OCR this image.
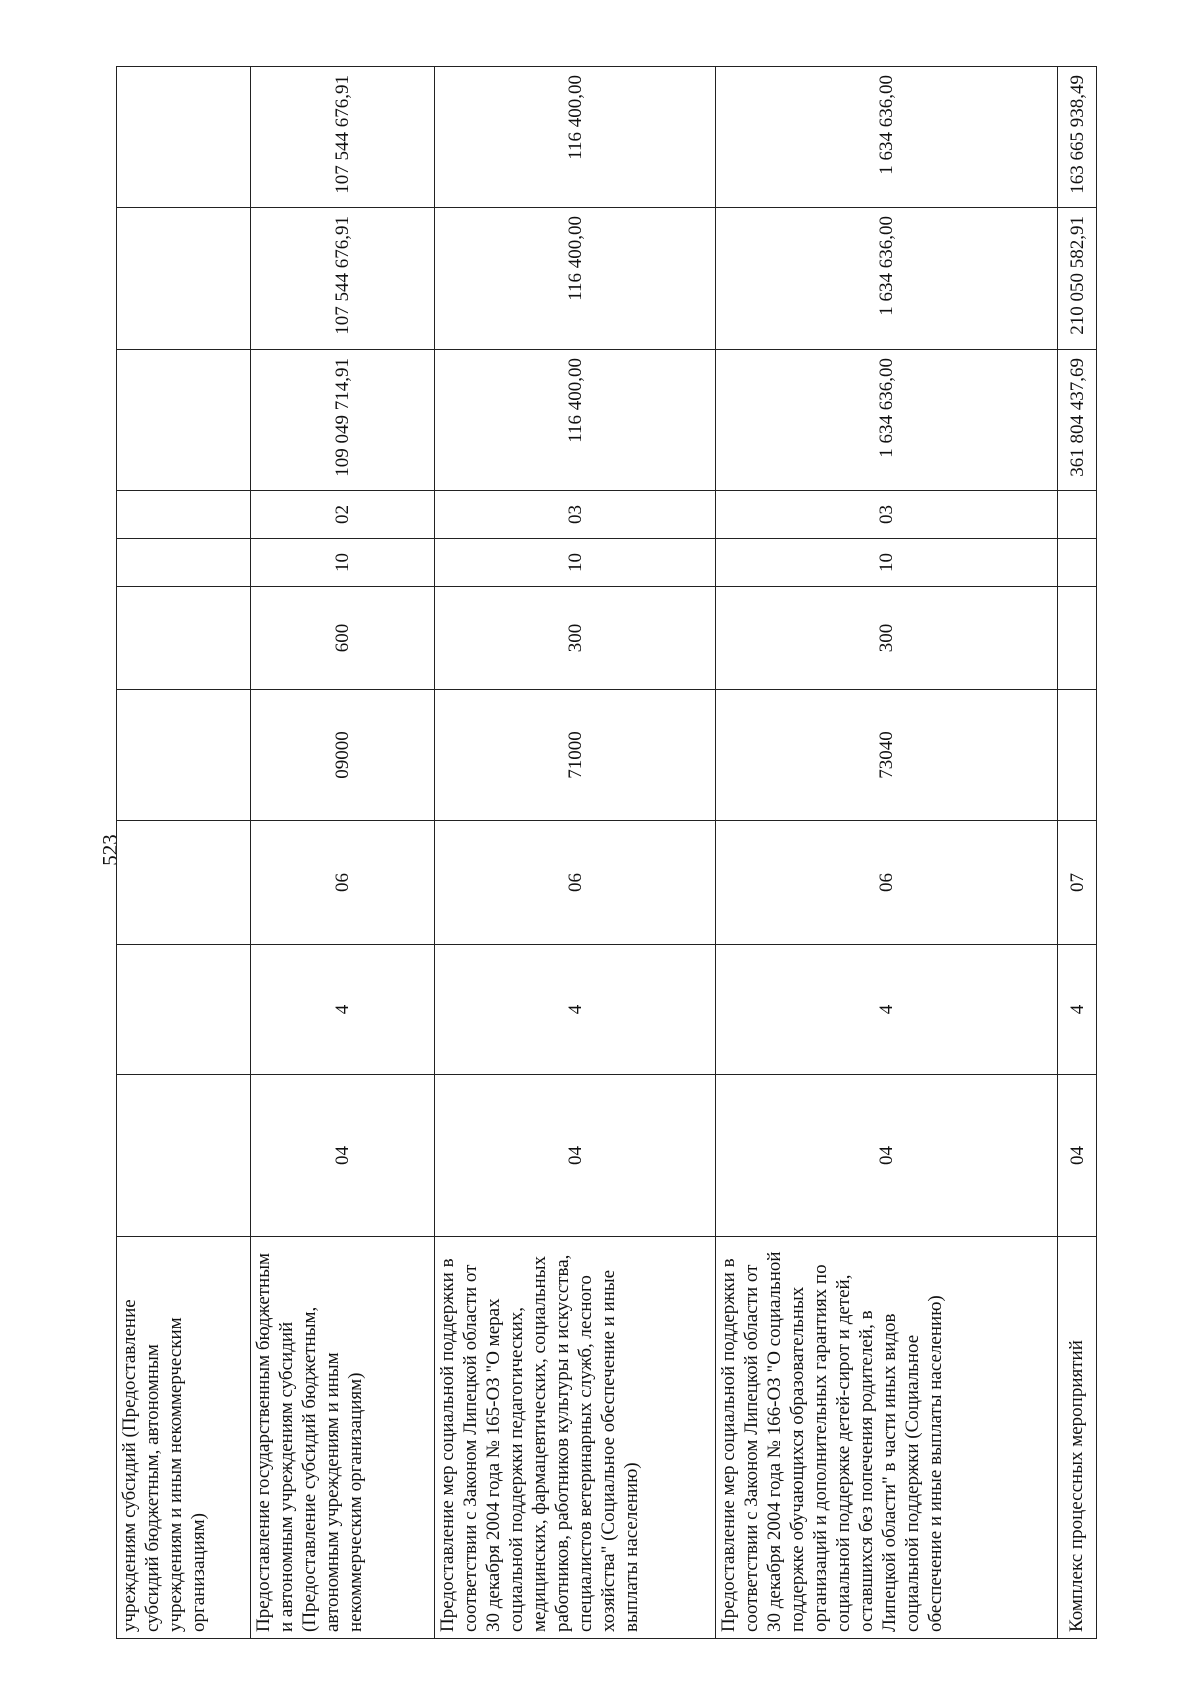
523
учреждениям субсидий (Предоставление субсидий бюджетным, автономным учреждениям и иным некоммерческим организациям)										
Предоставление государственным бюджетным и автономным учреждениям субсидий (Предоставление субсидий бюджетным, автономным учреждениям и иным некоммерческим организациям)	04	4	06	09000	600	10	02	109 049 714,91	107 544 676,91	107 544 676,91
Предоставление мер социальной поддержки в соответствии с Законом Липецкой области от 30 декабря 2004 года № 165-ОЗ "О мерах социальной поддержки педагогических, медицинских, фармацевтических, социальных работников, работников культуры и искусства, специалистов ветеринарных служб, лесного хозяйства" (Социальное обеспечение и иные выплаты населению)	04	4	06	71000	300	10	03	116 400,00	116 400,00	116 400,00
Предоставление мер социальной поддержки в соответствии с Законом Липецкой области от 30 декабря 2004 года № 166-ОЗ "О социальной поддержке обучающихся образовательных организаций и дополнительных гарантиях по социальной поддержке детей-сирот и детей, оставшихся без попечения родителей, в Липецкой области" в части иных видов социальной поддержки (Социальное обеспечение и иные выплаты населению)	04	4	06	73040	300	10	03	1 634 636,00	1 634 636,00	1 634 636,00
Комплекс процессных мероприятий	04	4	07					361 804 437,69	210 050 582,91	163 665 938,49
